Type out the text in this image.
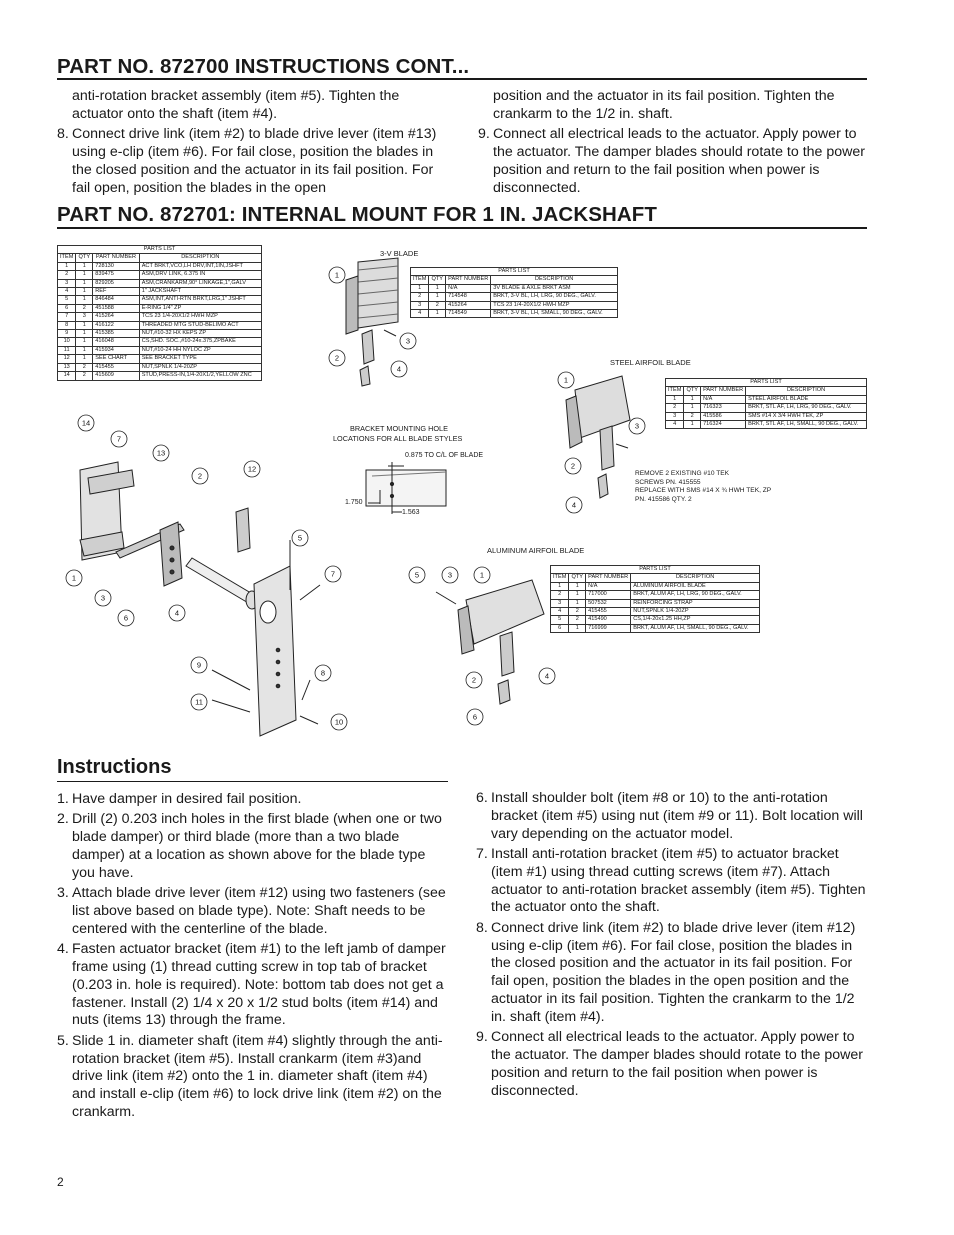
PART NO. 872700 INSTRUCTIONS CONT...

anti-rotation bracket assembly (item #5). Tighten the actuator onto the shaft (item #4).

8. Connect drive link (item #2) to blade drive lever (item #13) using e-clip (item #6). For fail close, position the blades in the closed position and the actuator in its fail position. For fail open, position the blades in the open

position and the actuator in its fail position. Tighten the crankarm to the 1/2 in. shaft.

9. Connect all electrical leads to the actuator. Apply power to the actuator. The damper blades should rotate to the power position and return to the fail position when power is disconnected.

PART NO. 872701: INTERNAL MOUNT FOR 1 IN. JACKSHAFT
PARTS LIST			
ITEM	QTY	PART NUMBER	DESCRIPTION
1	1	728130	ACT BRKT,VCO,LH DRV,INT,1IN,JSHFT
2	1	839475	ASM,DRV LINK, 6.375 IN
3	1	829205	ASM,CRANKARM,90° LINKAGE,1",GALV
4	1	REF	1" JACKSHAFT
5	1	846484	ASM,INT,ANTI-RTN BRKT,LRG,1" JSHFT
6	2	451588	E-RING 1/4" ZP
7	3	415264	TCS 23 1/4-20X1/2 HWH MZP
8	1	416122	THREADED MTG STUD-BELIMO ACT
9	1	415385	NUT,#10-32 HX KEPS ZP
10	1	416048	CS,SHD. SOC.,#10-24x.375,ZPBAKE
11	1	415934	NUT,#10-24 HH NYLOC ZP
12	1	SEE CHART	SEE BRACKET TYPE
13	2	415455	NUT,SPNLK 1/4-20ZP
14	2	415609	STUD,PRESS-IN,1/4-20X1/2,YELLOW ZNC
3-V BLADE
PARTS LIST			
ITEM	QTY	PART NUMBER	DESCRIPTION
1	1	N/A	3V BLADE & AXLE BRKT ASM
2	1	714548	BRKT, 3-V BL, LH, LRG, 90 DEG., GALV.
3	2	415264	TCS 23 1/4-20X1/2 HWH MZP
4	1	714549	BRKT, 3-V BL, LH, SMALL, 90 DEG., GALV.
STEEL AIRFOIL BLADE
PARTS LIST			
ITEM	QTY	PART NUMBER	DESCRIPTION
1	1	N/A	STEEL AIRFOIL BLADE
2	1	716323	BRKT, STL AF, LH, LRG, 90 DEG., GALV.
3	2	415586	SMS #14 X 3/4 HWH TEK, ZP
4	1	716324	BRKT, STL AF, LH, SMALL, 90 DEG., GALV.
ALUMINUM AIRFOIL BLADE
PARTS LIST			
ITEM	QTY	PART NUMBER	DESCRIPTION
1	1	N/A	ALUMINUM AIRFOIL BLADE
2	1	717000	BRKT, ALUM AF, LH, LRG, 90 DEG., GALV.
3	1	507532	REINFORCING STRAP
4	2	415455	NUT,SPNLK 1/4-20ZP
5	2	415490	CS,1/4-20x1.25 HH,ZP
6	1	716999	BRKT, ALUM AF, LH, SMALL, 90 DEG., GALV.
BRACKET MOUNTING HOLE
LOCATIONS FOR ALL BLADE STYLES
0.875 TO C/L OF BLADE
1.750
1.563
REMOVE 2 EXISTING #10 TEK
SCREWS PN. 415555
REPLACE WITH SMS #14 X ¾ HWH TEK, ZP
PN. 415586 QTY. 2
1
2
3
4
1
2
3
4
5	3	1
2	4
6
14
7
13
2
12
1
3
6
4
5
7
9
8
11
10
Instructions

1. Have damper in desired fail position.

2. Drill (2) 0.203 inch holes in the first blade (when one or two blade damper) or third blade (more than a two blade damper) at a location as shown above for the blade type you have.

3. Attach blade drive lever (item #12) using two fasteners (see list above based on blade type). Note: Shaft needs to be centered with the centerline of the blade.

4. Fasten actuator bracket (item #1) to the left jamb of damper frame using (1) thread cutting screw in top tab of bracket (0.203 in. hole is required). Note: bottom tab does not get a fastener. Install (2) 1/4 x 20 x 1/2 stud bolts (item #14) and nuts (items 13) through the frame.

5. Slide 1 in. diameter shaft (item #4) slightly through the anti-rotation bracket (item #5). Install crankarm (item #3)and drive link (item #2) onto the 1 in. diameter shaft (item #4) and install e-clip (item #6) to lock drive link (item #2) on the crankarm.

6. Install shoulder bolt (item #8 or 10) to the anti-rotation bracket (item #5) using nut (item #9 or 11). Bolt location will vary depending on the actuator model.

7. Install anti-rotation bracket (item #5) to actuator bracket (item #1) using thread cutting screws (item #7). Attach actuator to anti-rotation bracket assembly (item #5). Tighten the actuator onto the shaft.

8. Connect drive link (item #2) to blade drive lever (item #12) using e-clip (item #6). For fail close, position the blades in the closed position and the actuator in its fail position. For fail open, position the blades in the open position and the actuator in its fail position. Tighten the crankarm to the 1/2 in. shaft (item #4).

9. Connect all electrical leads to the actuator. Apply power to the actuator. The damper blades should rotate to the power position and return to the fail position when power is disconnected.

2
